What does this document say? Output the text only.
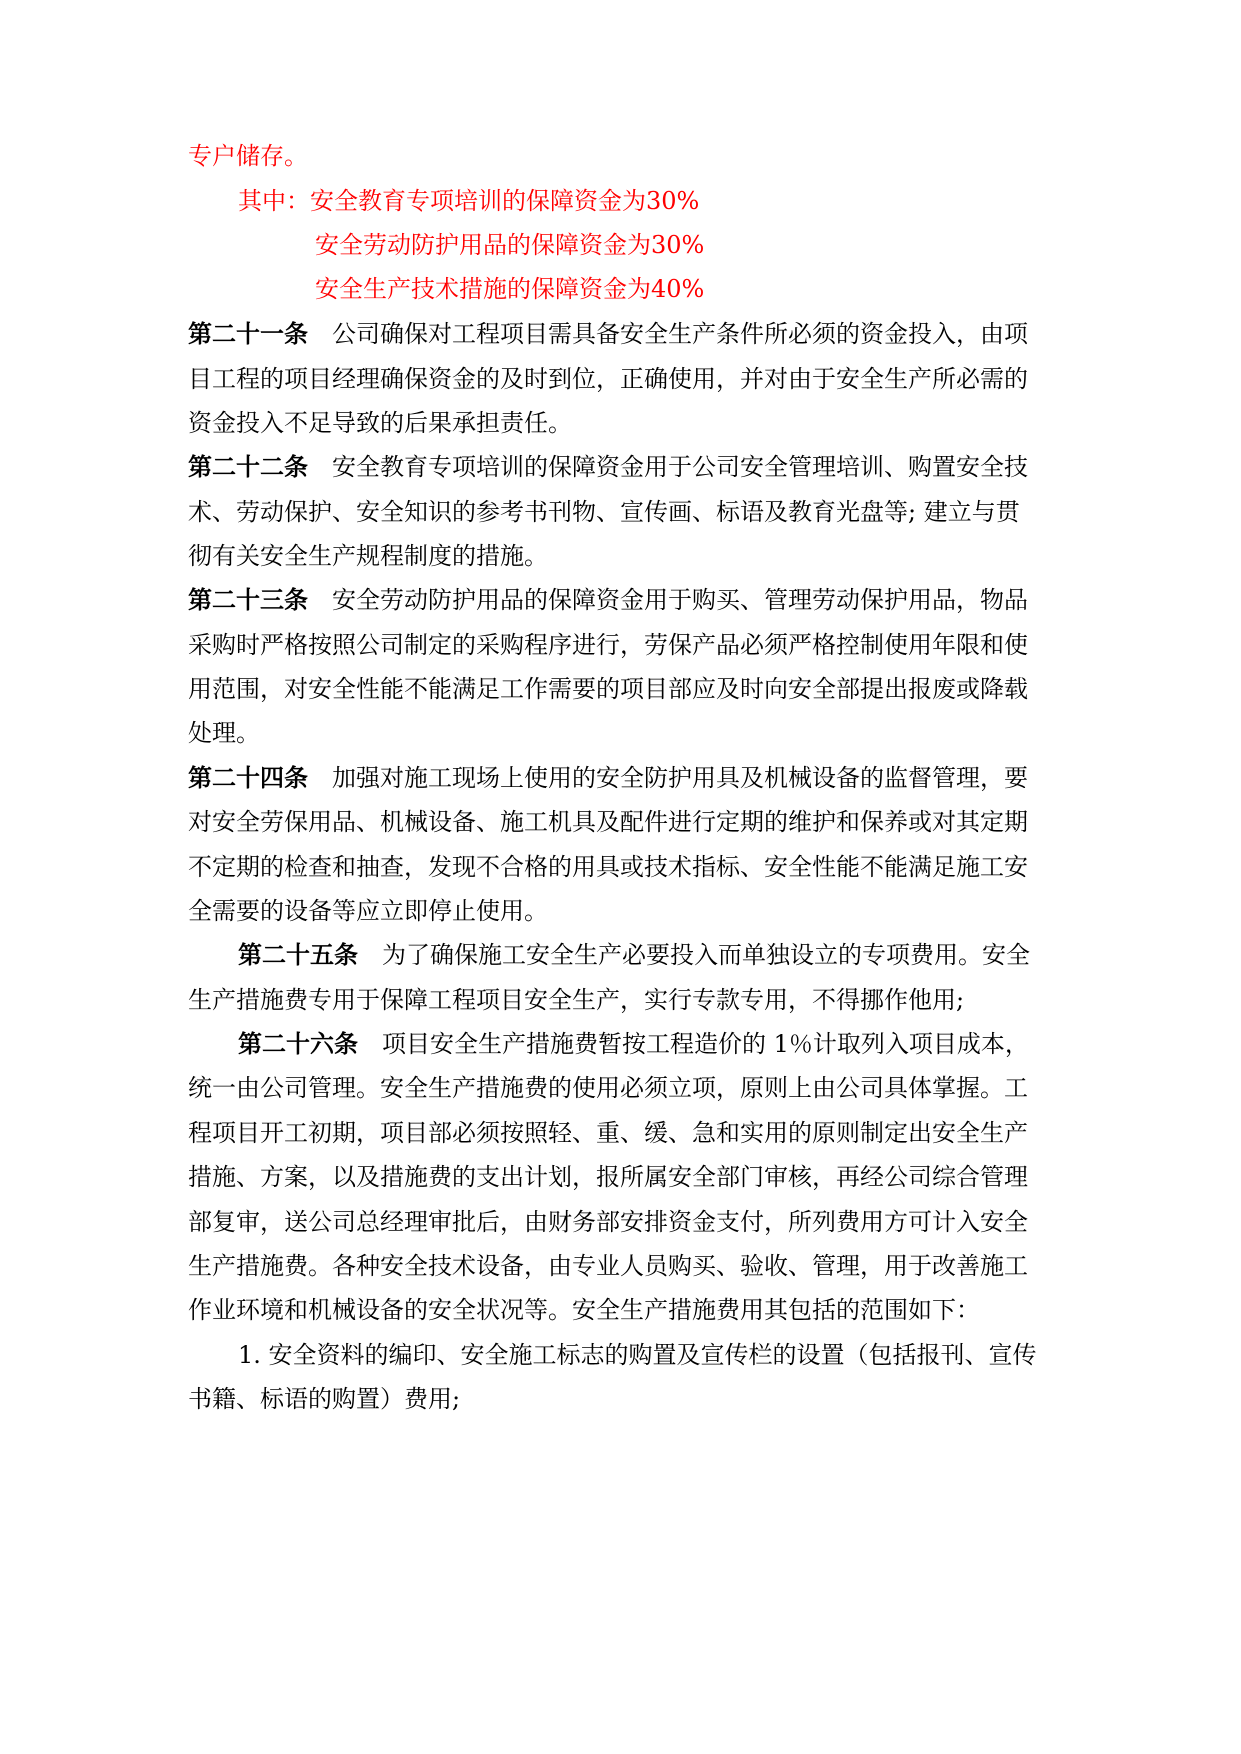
专户储存。
其中：安全教育专项培训的保障资金为30%
安全劳动防护用品的保障资金为30%
安全生产技术措施的保障资金为40%
第二十一条 公司确保对工程项目需具备安全生产条件所必须的资金投入，由项
目工程的项目经理确保资金的及时到位，正确使用，并对由于安全生产所必需的
资金投入不足导致的后果承担责任。
第二十二条 安全教育专项培训的保障资金用于公司安全管理培训、购置安全技
术、劳动保护、安全知识的参考书刊物、宣传画、标语及教育光盘等; 建立与贯
彻有关安全生产规程制度的措施。
第二十三条 安全劳动防护用品的保障资金用于购买、管理劳动保护用品，物品
采购时严格按照公司制定的采购程序进行，劳保产品必须严格控制使用年限和使
用范围，对安全性能不能满足工作需要的项目部应及时向安全部提出报废或降载
处理。
第二十四条 加强对施工现场上使用的安全防护用具及机械设备的监督管理，要
对安全劳保用品、机械设备、施工机具及配件进行定期的维护和保养或对其定期
不定期的检查和抽查，发现不合格的用具或技术指标、安全性能不能满足施工安
全需要的设备等应立即停止使用。
第二十五条 为了确保施工安全生产必要投入而单独设立的专项费用。安全
生产措施费专用于保障工程项目安全生产，实行专款专用，不得挪作他用;
第二十六条 项目安全生产措施费暂按工程造价的 1％计取列入项目成本，
统一由公司管理。安全生产措施费的使用必须立项，原则上由公司具体掌握。工
程项目开工初期，项目部必须按照轻、重、缓、急和实用的原则制定出安全生产
措施、方案，以及措施费的支出计划，报所属安全部门审核，再经公司综合管理
部复审，送公司总经理审批后，由财务部安排资金支付，所列费用方可计入安全
生产措施费。各种安全技术设备，由专业人员购买、验收、管理，用于改善施工
作业环境和机械设备的安全状况等。安全生产措施费用其包括的范围如下：
1. 安全资料的编印、安全施工标志的购置及宣传栏的设置（包括报刊、宣传
书籍、标语的购置）费用;
